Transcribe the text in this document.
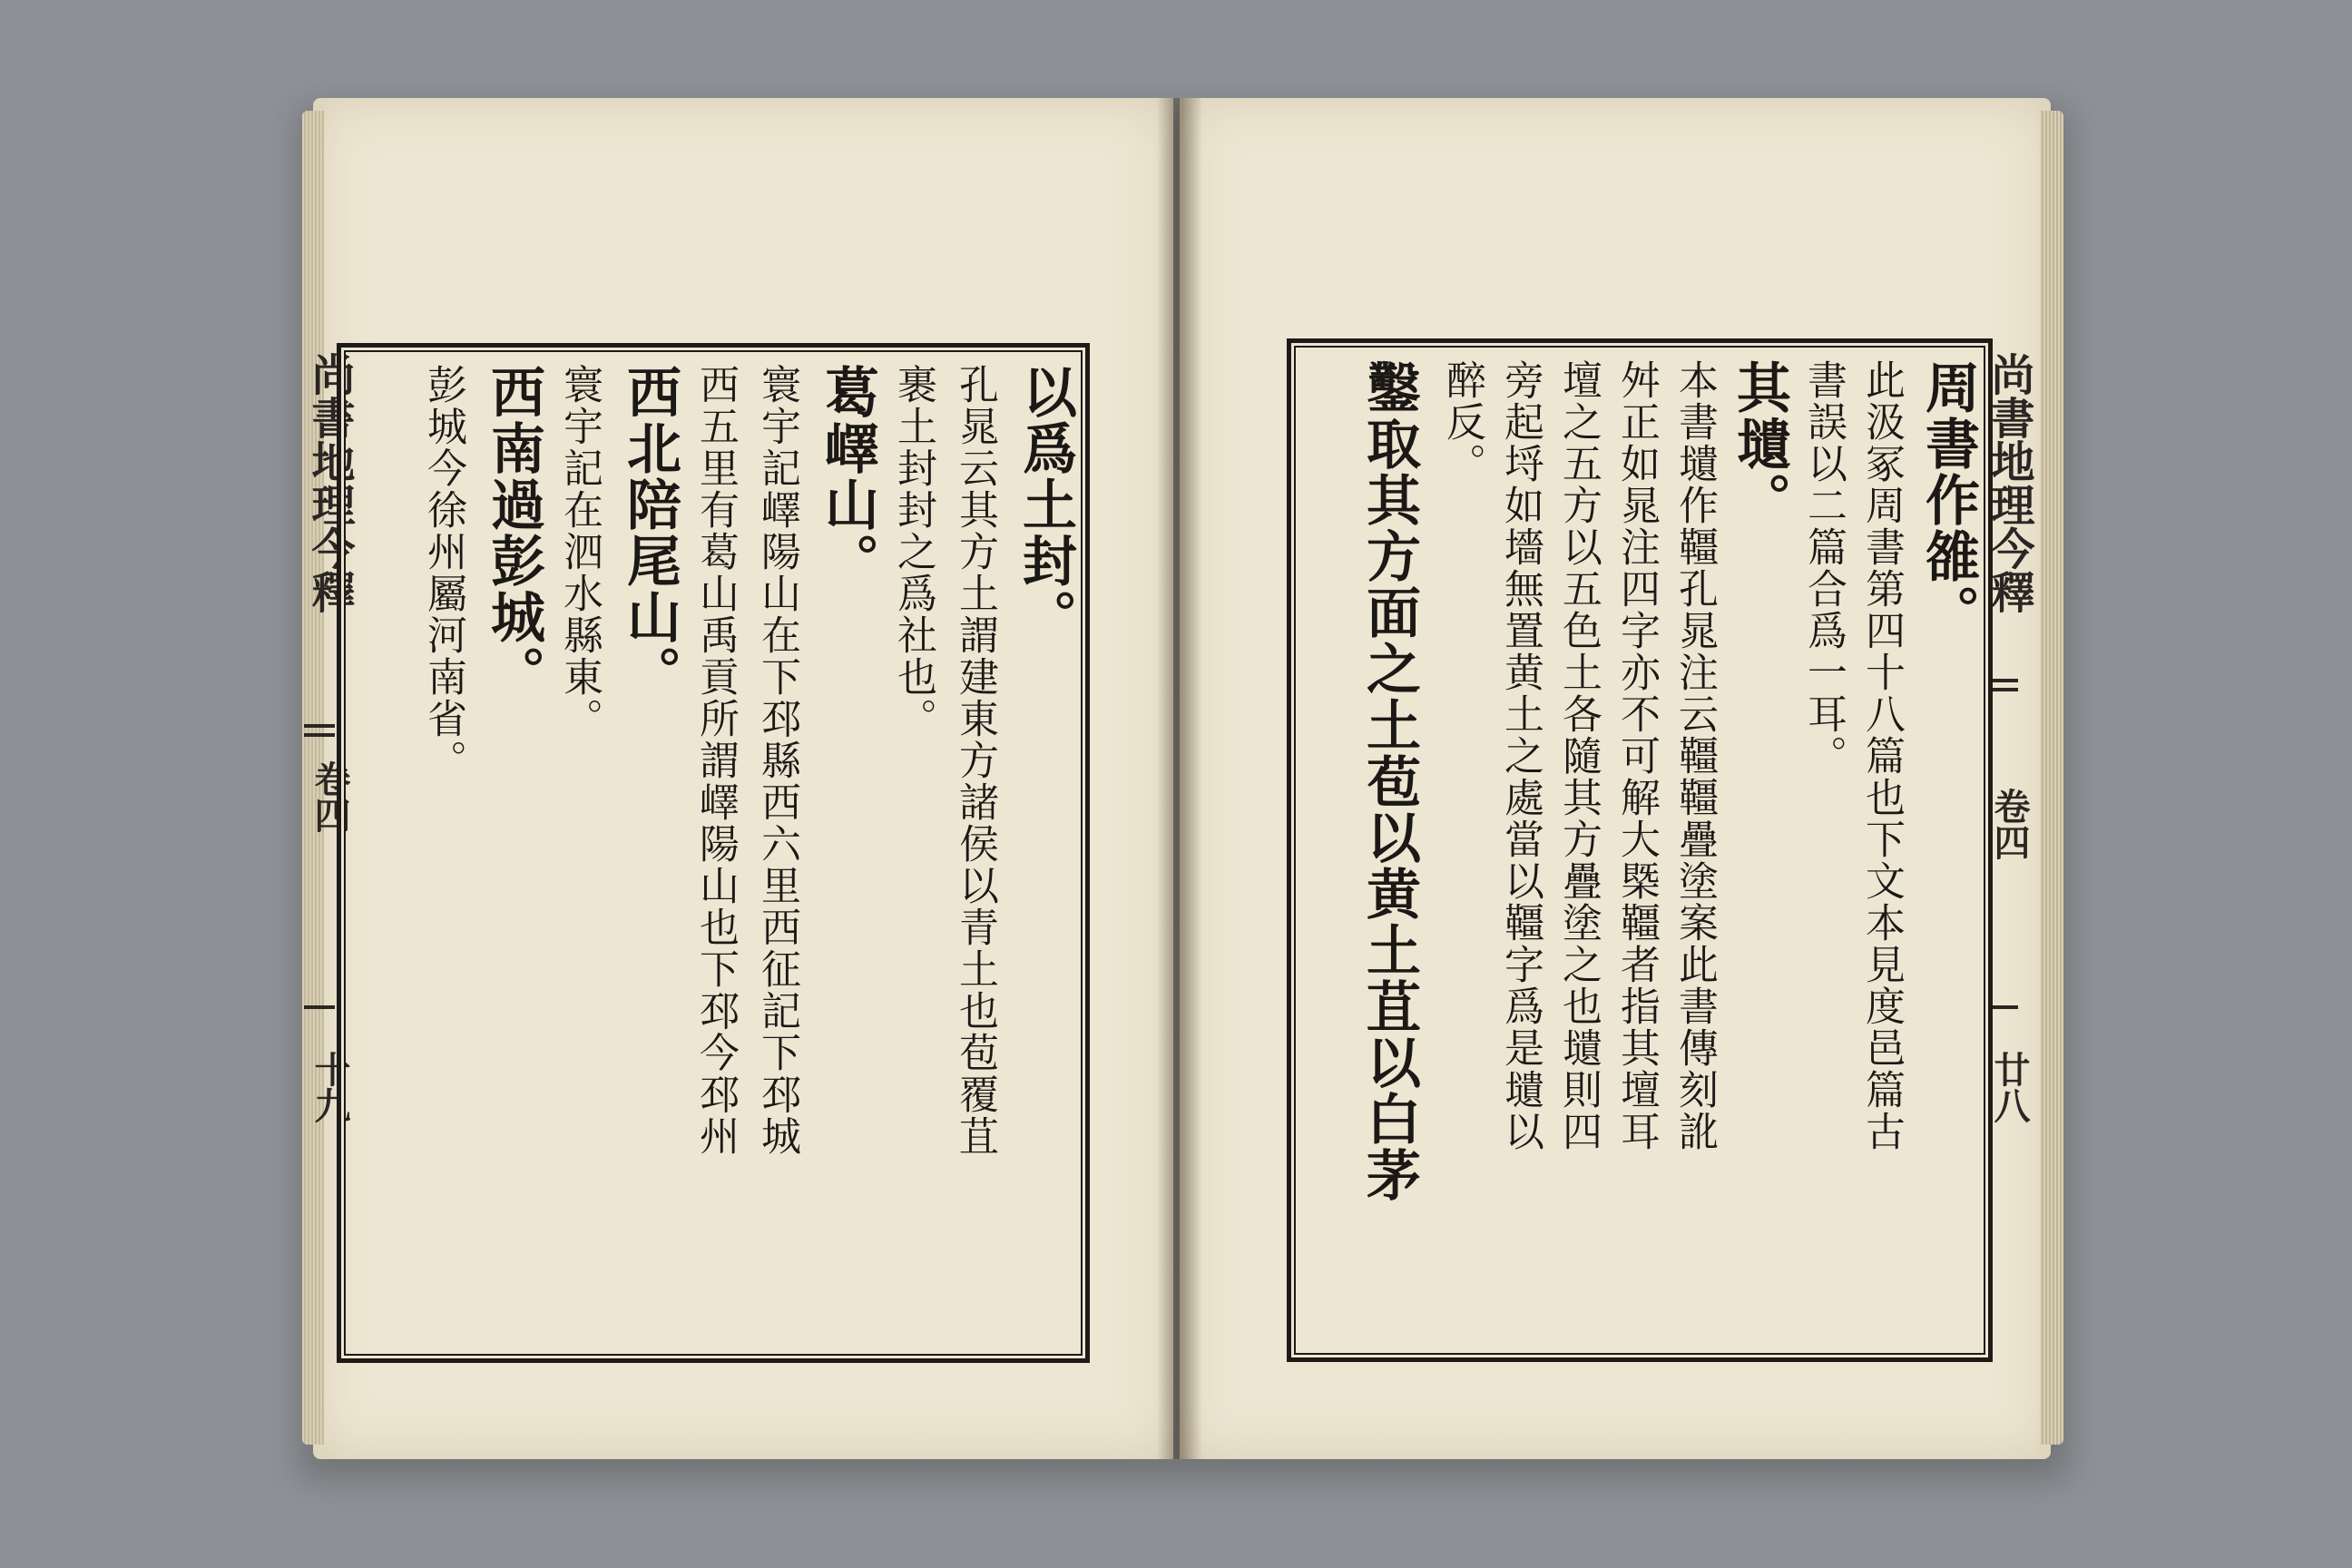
尚書地理今釋
卷四
十九
以爲土封。
孔晁云其方土謂建東方諸侯以青土也苞覆苴
裹土封封之爲社也。
葛嶧山。
寰宇記嶧陽山在下邳縣西六里西征記下邳城
西五里有葛山禹貢所謂嶧陽山也下邳今邳州
西北陪尾山。
寰宇記在泗水縣東。
西南過彭城。
彭城今徐州屬河南省。	尚書地理今釋
卷四
廿八
周書作雒。
此汲冢周書第四十八篇也下文本見度邑篇古
書誤以二篇合爲一耳。
其壝。
本書壝作韁孔晁注云韁韁疊塗案此書傳刻訛
舛正如晁注四字亦不可解大槩韁者指其壇耳
壇之五方以五色土各隨其方疊塗之也壝則四
旁起埒如墻無置黄土之處當以韁字爲是壝以
醉反。
鑿取其方面之土苞以黄土苴以白茅
